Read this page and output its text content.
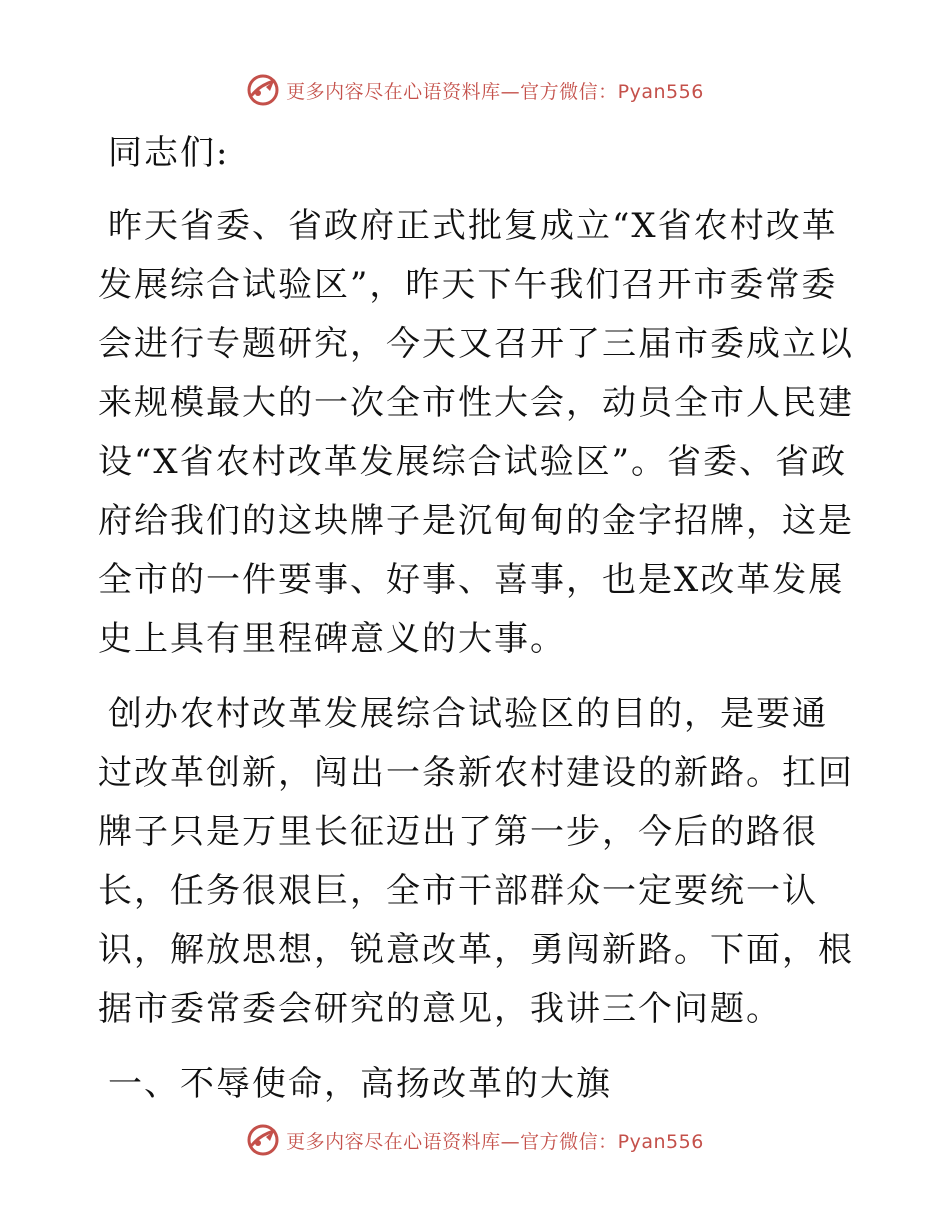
更多内容尽在心语资料库—官方微信：Pyan556

同志们:

昨天省委、省政府正式批复成立“X省农村改革发展综合试验区”，昨天下午我们召开市委常委会进行专题研究，今天又召开了三届市委成立以来规模最大的一次全市性大会，动员全市人民建设“X省农村改革发展综合试验区”。省委、省政府给我们的这块牌子是沉甸甸的金字招牌，这是全市的一件要事、好事、喜事，也是X改革发展史上具有里程碑意义的大事。

创办农村改革发展综合试验区的目的，是要通过改革创新，闯出一条新农村建设的新路。扛回牌子只是万里长征迈出了第一步，今后的路很长，任务很艰巨，全市干部群众一定要统一认识，解放思想，锐意改革，勇闯新路。下面，根据市委常委会研究的意见，我讲三个问题。

一、不辱使命，高扬改革的大旗

更多内容尽在心语资料库—官方微信：Pyan556
